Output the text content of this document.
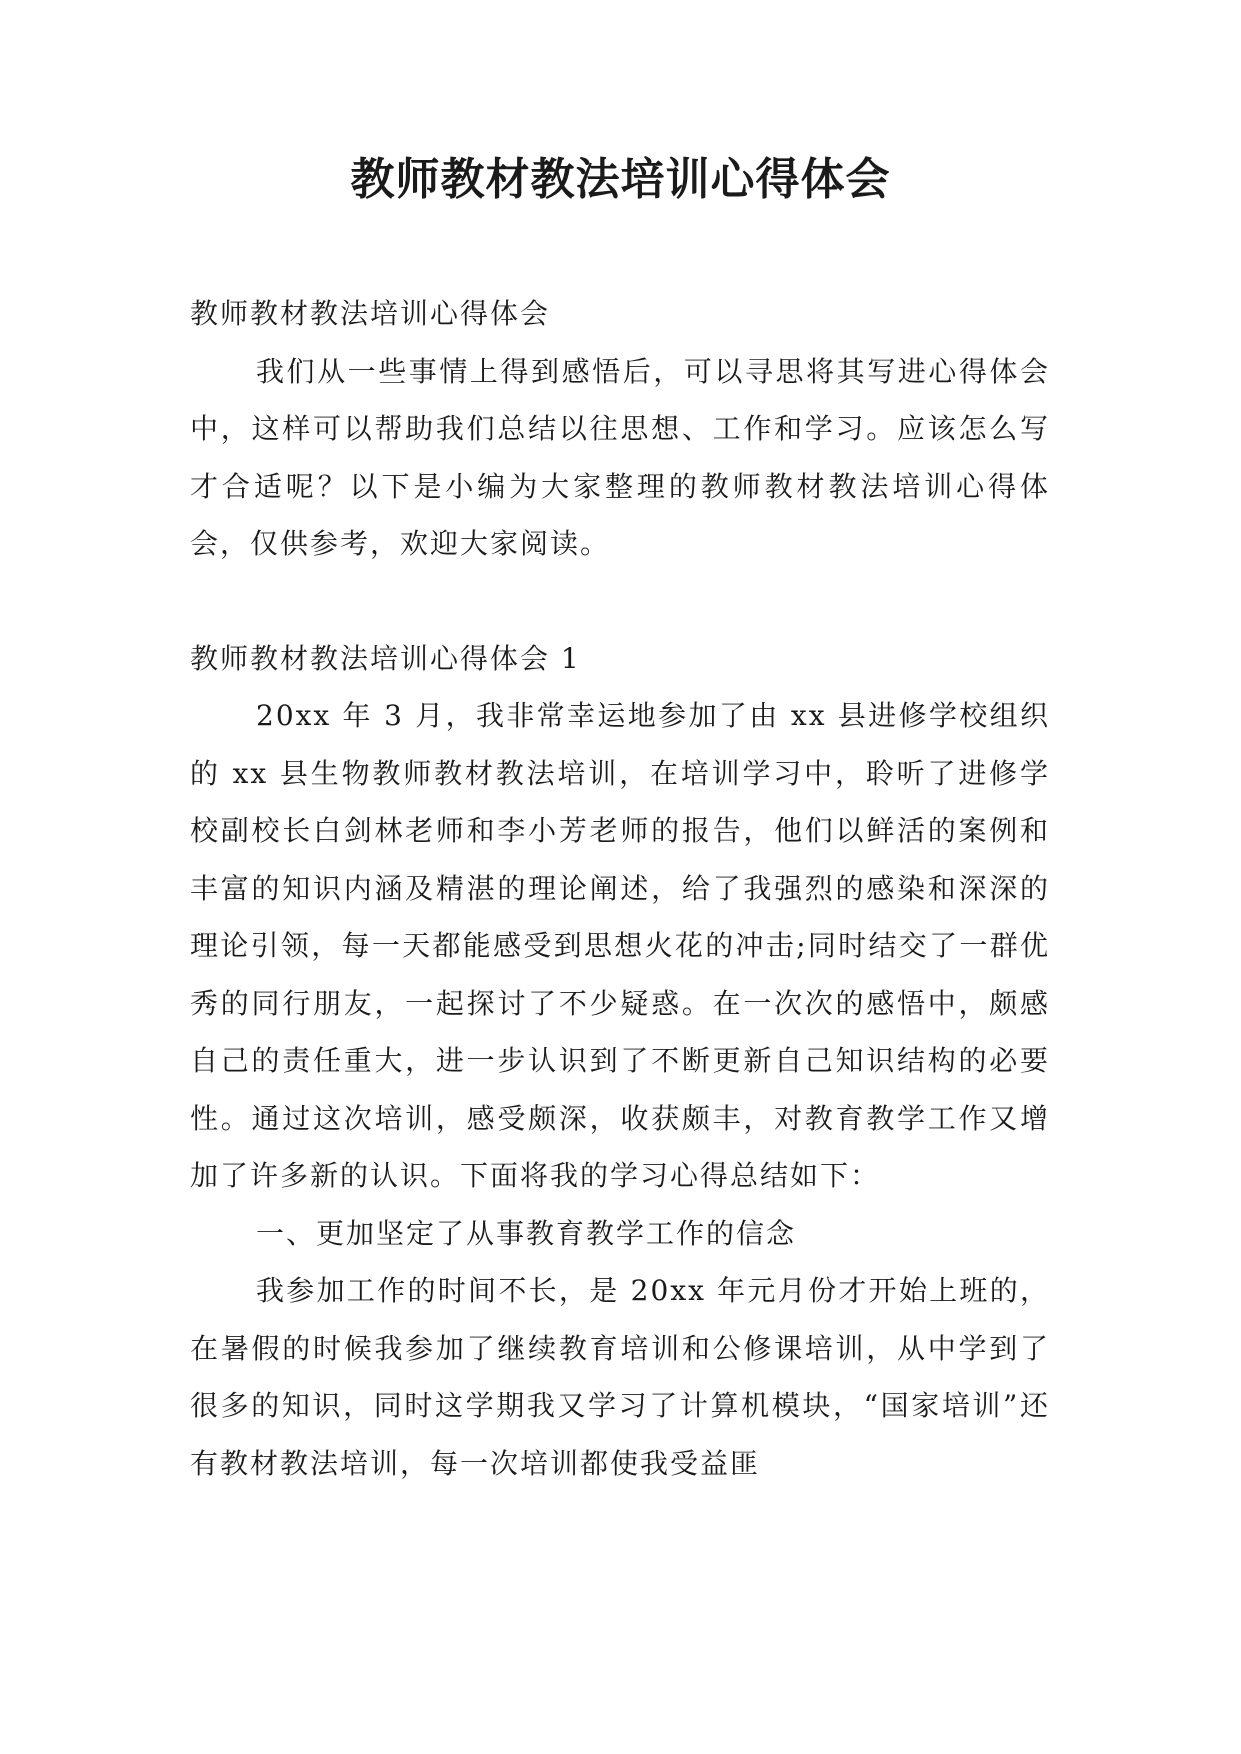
教师教材教法培训心得体会

教师教材教法培训心得体会

我们从一些事情上得到感悟后，可以寻思将其写进心得体会中，这样可以帮助我们总结以往思想、工作和学习。应该怎么写才合适呢？以下是小编为大家整理的教师教材教法培训心得体会，仅供参考，欢迎大家阅读。

教师教材教法培训心得体会 1

20xx 年 3 月，我非常幸运地参加了由 xx 县进修学校组织的 xx 县生物教师教材教法培训，在培训学习中，聆听了进修学校副校长白剑林老师和李小芳老师的报告，他们以鲜活的案例和丰富的知识内涵及精湛的理论阐述，给了我强烈的感染和深深的理论引领，每一天都能感受到思想火花的冲击;同时结交了一群优秀的同行朋友，一起探讨了不少疑惑。在一次次的感悟中，颇感自己的责任重大，进一步认识到了不断更新自己知识结构的必要性。通过这次培训，感受颇深，收获颇丰，对教育教学工作又增加了许多新的认识。下面将我的学习心得总结如下：

一、更加坚定了从事教育教学工作的信念

我参加工作的时间不长，是 20xx 年元月份才开始上班的，在暑假的时候我参加了继续教育培训和公修课培训，从中学到了很多的知识，同时这学期我又学习了计算机模块，“国家培训”还有教材教法培训，每一次培训都使我受益匪
